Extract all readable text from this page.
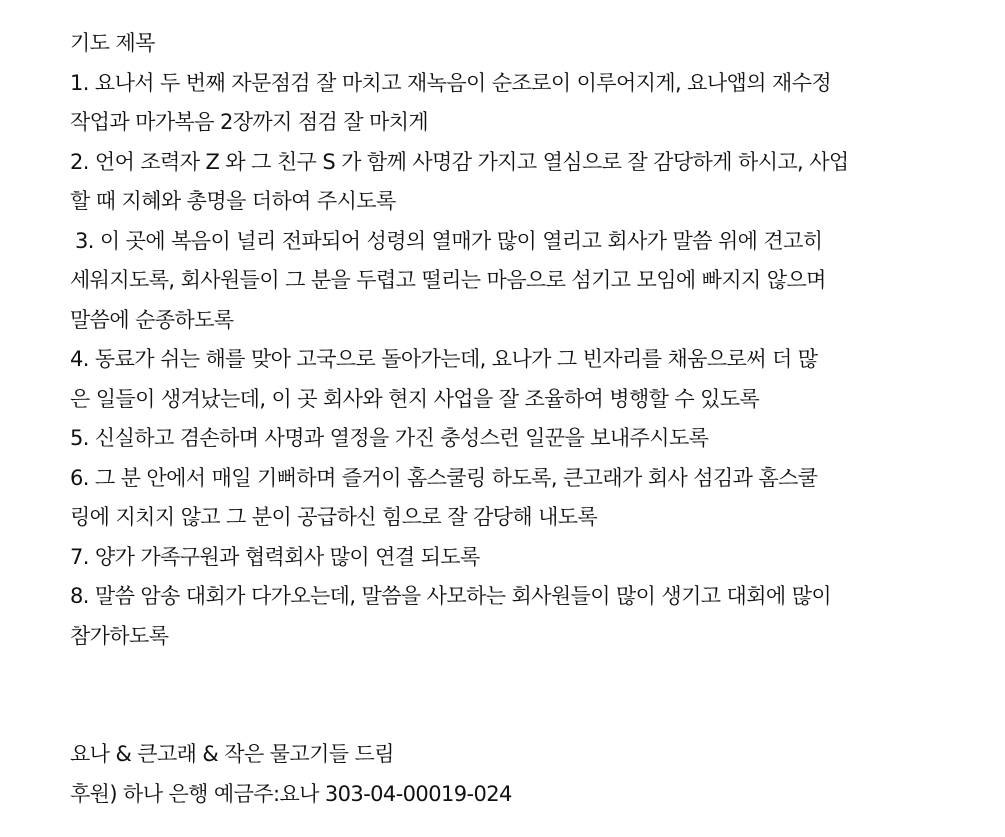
기도 제목
1. 요나서 두 번째 자문점검 잘 마치고 재녹음이 순조로이 이루어지게, 요나앱의 재수정
작업과 마가복음 2장까지 점검 잘 마치게
2. 언어 조력자 Z 와 그 친구 S 가 함께 사명감 가지고 열심으로 잘 감당하게 하시고, 사업
할 때 지혜와 총명을 더하여 주시도록
3. 이 곳에 복음이 널리 전파되어 성령의 열매가 많이 열리고 회사가 말씀 위에 견고히
세워지도록, 회사원들이 그 분을 두렵고 떨리는 마음으로 섬기고 모임에 빠지지 않으며
말씀에 순종하도록
4. 동료가 쉬는 해를 맞아 고국으로 돌아가는데, 요나가 그 빈자리를 채움으로써 더 많
은 일들이 생겨났는데, 이 곳 회사와 현지 사업을 잘 조율하여 병행할 수 있도록
5. 신실하고 겸손하며 사명과 열정을 가진 충성스런 일꾼을 보내주시도록
6. 그 분 안에서 매일 기뻐하며 즐거이 홈스쿨링 하도록, 큰고래가 회사 섬김과 홈스쿨
링에 지치지 않고 그 분이 공급하신 힘으로 잘 감당해 내도록
7. 양가 가족구원과 협력회사 많이 연결 되도록
8. 말씀 암송 대회가 다가오는데, 말씀을 사모하는 회사원들이 많이 생기고 대회에 많이
참가하도록
요나 & 큰고래 & 작은 물고기들 드림
후원) 하나 은행 예금주:요나 303-04-00019-024
